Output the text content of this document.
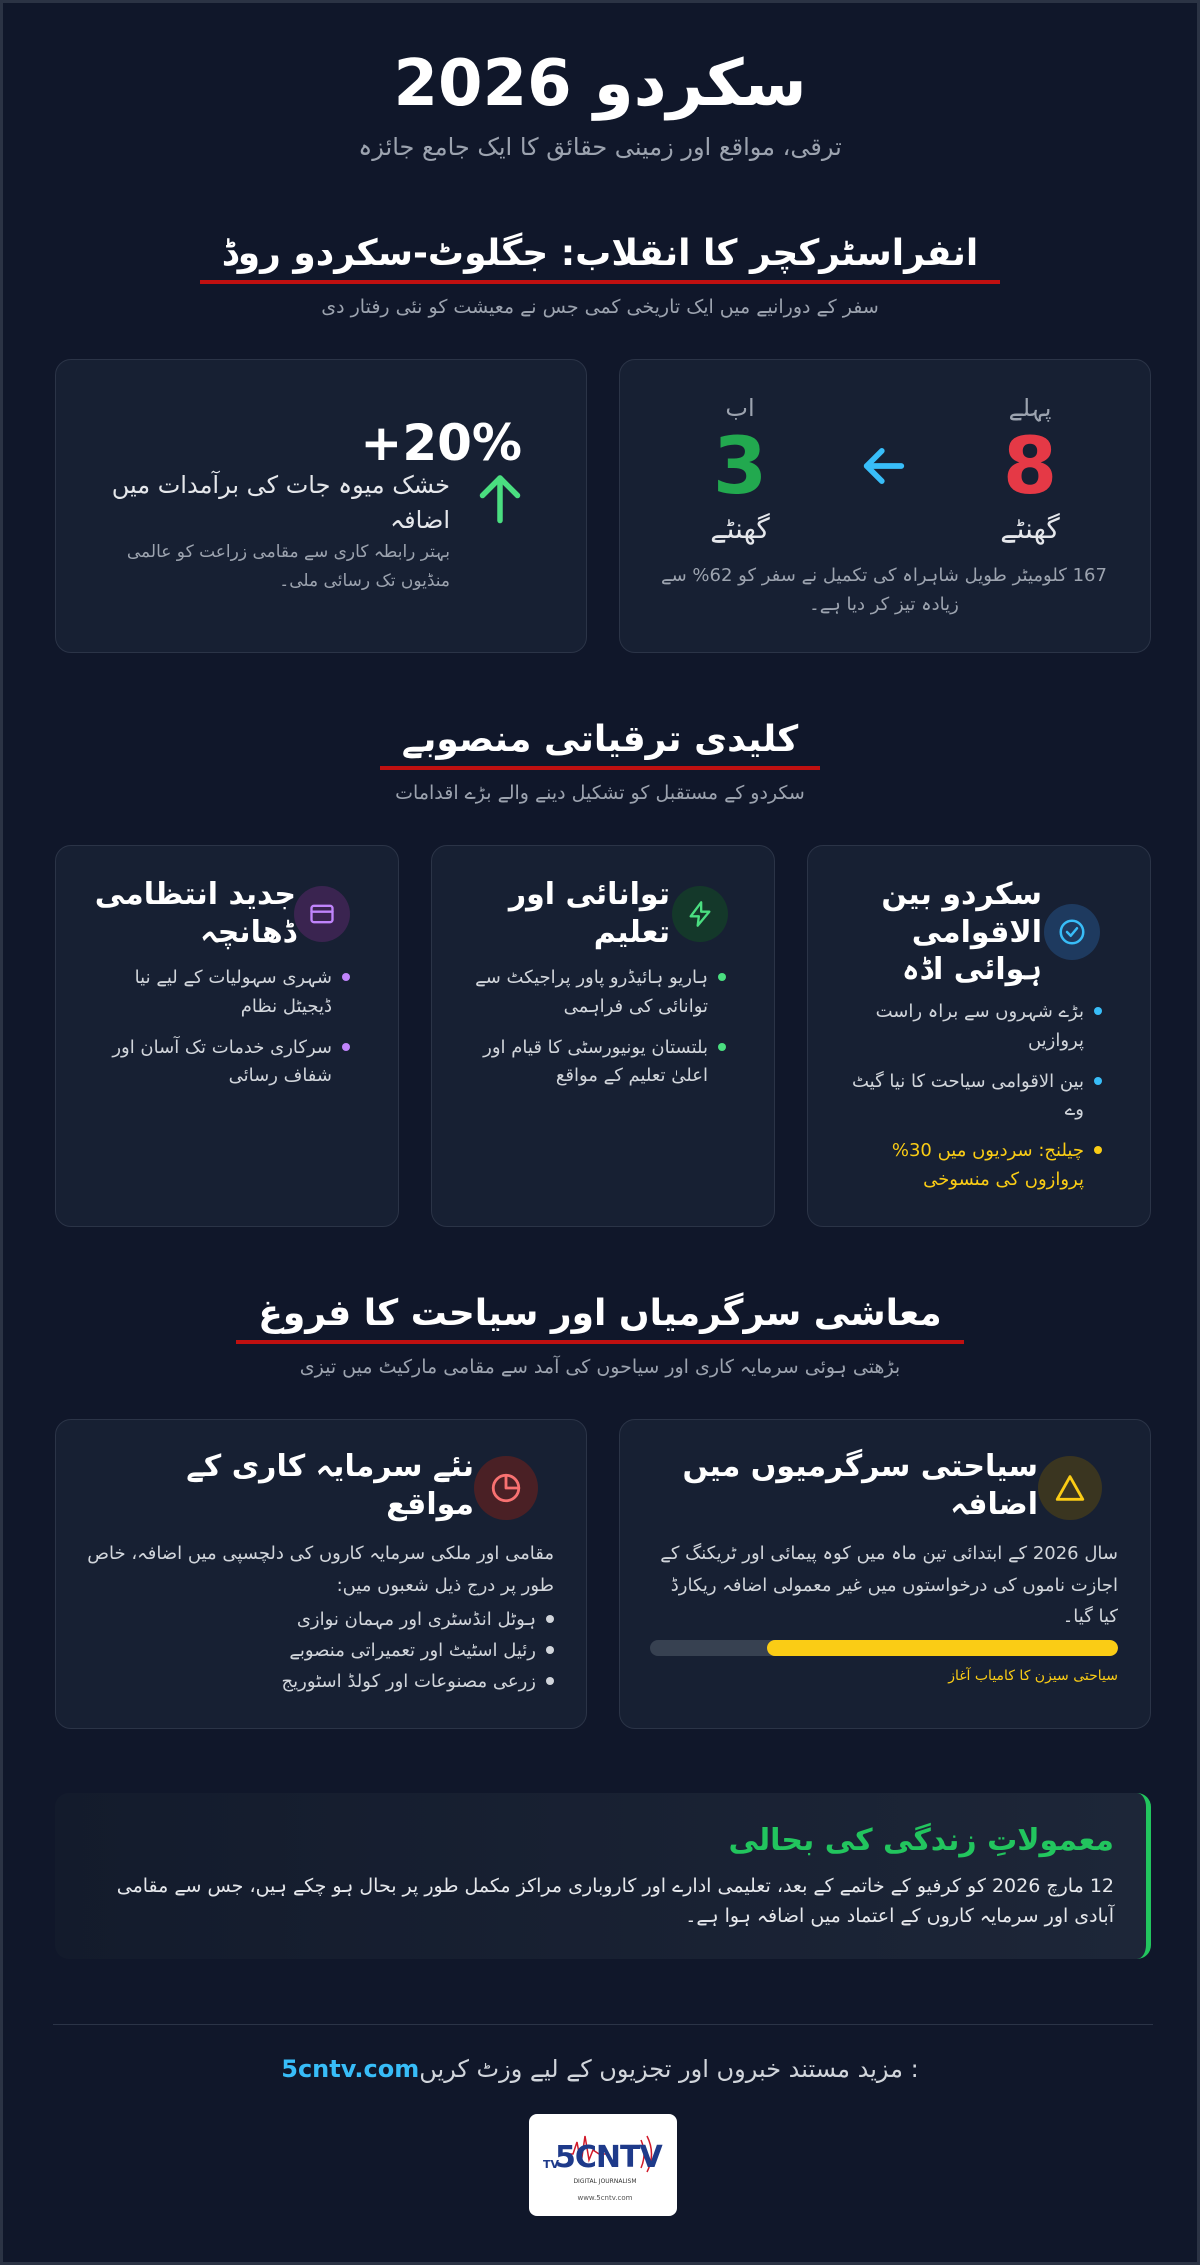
سکردو 2026
ترقی، مواقع اور زمینی حقائق کا ایک جامع جائزہ
انفراسٹرکچر کا انقلاب: جگلوٹ-سکردو روڈ

سفر کے دورانیے میں ایک تاریخی کمی جس نے معیشت کو نئی رفتار دی

پہلے
8
گھنٹے
اب
3
گھنٹے
167 کلومیٹر طویل شاہراہ کی تکمیل نے سفر کو 62% سے زیادہ تیز کر دیا ہے۔
+20%
خشک میوہ جات کی برآمدات میں اضافہ
بہتر رابطہ کاری سے مقامی زراعت کو عالمی منڈیوں تک رسائی ملی۔
کلیدی ترقیاتی منصوبے

سکردو کے مستقبل کو تشکیل دینے والے بڑے اقدامات

سکردو بین الاقوامی ہوائی اڈہ
بڑے شہروں سے براہ راست پروازیں
بین الاقوامی سیاحت کا نیا گیٹ وے
چیلنج: سردیوں میں 30% پروازوں کی منسوخی
توانائی اور تعلیم
ہاریو ہائیڈرو پاور پراجیکٹ سے توانائی کی فراہمی
بلتستان یونیورسٹی کا قیام اور اعلیٰ تعلیم کے مواقع
جدید انتظامی ڈھانچہ
شہری سہولیات کے لیے نیا ڈیجیٹل نظام
سرکاری خدمات تک آسان اور شفاف رسائی
معاشی سرگرمیاں اور سیاحت کا فروغ

بڑھتی ہوئی سرمایہ کاری اور سیاحوں کی آمد سے مقامی مارکیٹ میں تیزی

سیاحتی سرگرمیوں میں اضافہ
سال 2026 کے ابتدائی تین ماہ میں کوہ پیمائی اور ٹریکنگ کے اجازت ناموں کی درخواستوں میں غیر معمولی اضافہ ریکارڈ کیا گیا۔
سیاحتی سیزن کا کامیاب آغاز
نئے سرمایہ کاری کے مواقع
مقامی اور ملکی سرمایہ کاروں کی دلچسپی میں اضافہ، خاص طور پر درج ذیل شعبوں میں:
ہوٹل انڈسٹری اور مہمان نوازی
رئیل اسٹیٹ اور تعمیراتی منصوبے
زرعی مصنوعات اور کولڈ اسٹوریج
معمولاتِ زندگی کی بحالی
12 مارچ 2026 کو کرفیو کے خاتمے کے بعد، تعلیمی ادارے اور کاروباری مراکز مکمل طور پر بحال ہو چکے ہیں، جس سے مقامی آبادی اور سرمایہ کاروں کے اعتماد میں اضافہ ہوا ہے۔
: مزید مستند خبروں اور تجزیوں کے لیے وزٹ کریں5cntv.com
TV
5CNTV
DIGITAL JOURNALISM
www.5cntv.com
